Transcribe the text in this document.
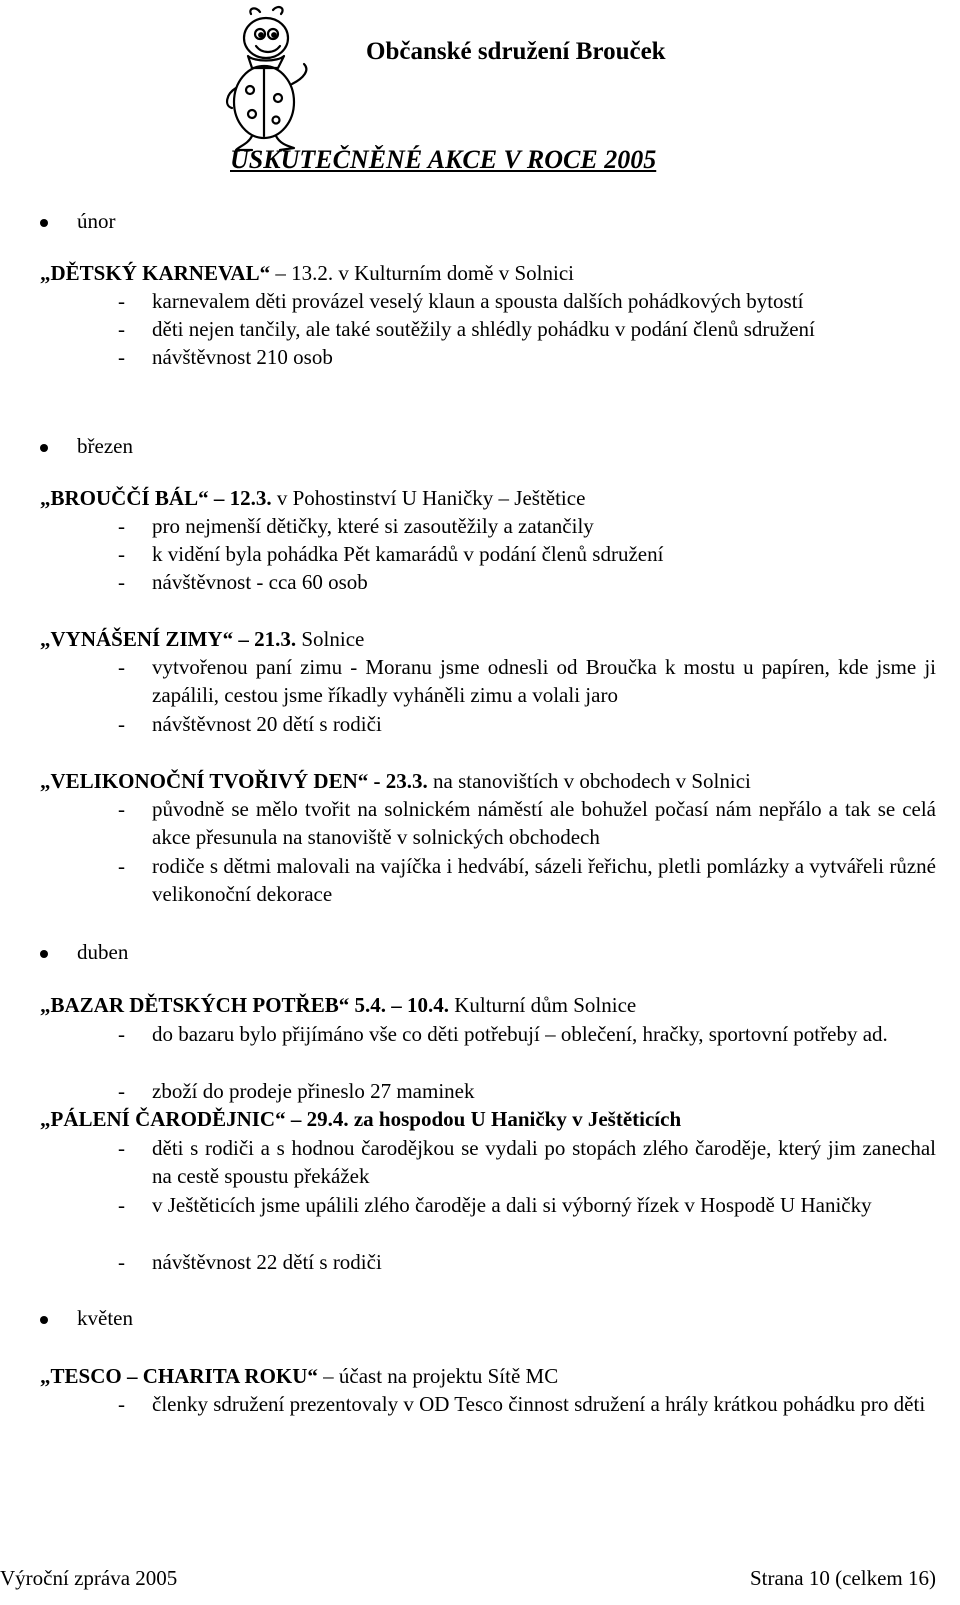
Občanské sdružení Brouček
USKUTEČNĚNÉ AKCE V ROCE 2005
únor
„DĚTSKÝ KARNEVAL“ – 13.2. v Kulturním domě v Solnici
- karnevalem děti provázel veselý klaun a spousta dalších pohádkových bytostí
- děti nejen tančily, ale také soutěžily a shlédly pohádku v podání členů sdružení
- návštěvnost 210 osob
březen
„BROUČČÍ BÁL“ – 12.3. v Pohostinství U Haničky – Ještětice
- pro nejmenší dětičky, které si zasoutěžily a zatančily
- k vidění byla pohádka Pět kamarádů v podání členů sdružení
- návštěvnost - cca 60 osob
„VYNÁŠENÍ ZIMY“ – 21.3. Solnice
- vytvořenou paní zimu - Moranu jsme odnesli od Broučka k mostu u papíren, kde jsme ji zapálili, cestou jsme říkadly vyháněli zimu a volali jaro
- návštěvnost 20 dětí s rodiči
„VELIKONOČNÍ TVOŘIVÝ DEN“ - 23.3. na stanovištích v obchodech v Solnici
- původně se mělo tvořit na solnickém náměstí ale bohužel počasí nám nepřálo a tak se celá akce přesunula na stanoviště v solnických obchodech
- rodiče s dětmi malovali na vajíčka i hedvábí, sázeli řeřichu, pletli pomlázky a vytvářeli různé velikonoční dekorace
duben
„BAZAR DĚTSKÝCH POTŘEB“ 5.4. – 10.4. Kulturní dům Solnice
- do bazaru bylo přijímáno vše co děti potřebují – oblečení, hračky, sportovní potřeby ad.
- zboží do prodeje přineslo 27 maminek
„PÁLENÍ ČARODĚJNIC“ – 29.4. za hospodou U Haničky v Ještěticích
- děti s rodiči a s hodnou čarodějkou se vydali po stopách zlého čaroděje, který jim zanechal na cestě spoustu překážek
- v Ještěticích jsme upálili zlého čaroděje a dali si výborný řízek v Hospodě U Haničky
- návštěvnost 22 dětí s rodiči
květen
„TESCO – CHARITA ROKU“ – účast na projektu Sítě MC
- členky sdružení prezentovaly v OD Tesco činnost sdružení a hrály krátkou pohádku pro děti
Výroční zpráva 2005	Strana 10 (celkem 16)
